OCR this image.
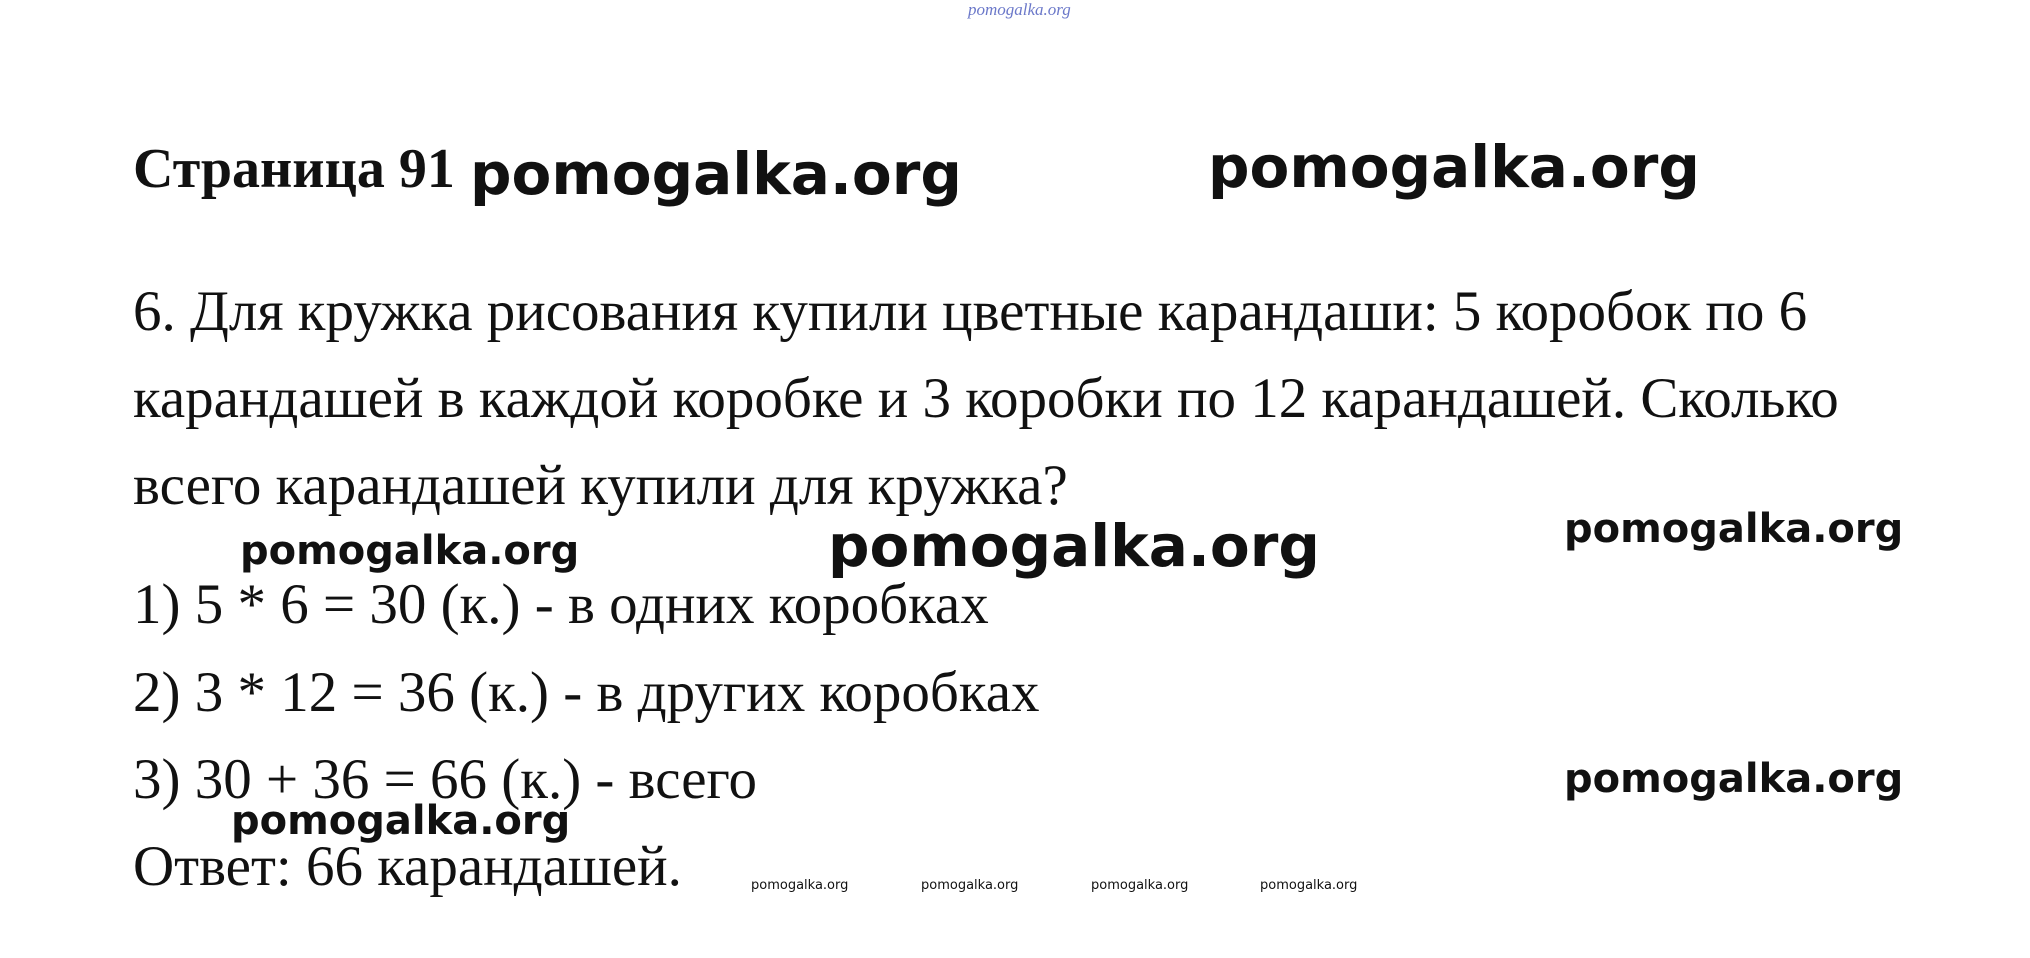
pomogalka.org
Страница 91 pomogalka.org	pomogalka.org
6. Для кружка рисования купили цветные карандаши: 5 коробок по 6
карандашей в каждой коробке и 3 коробки по 12 карандашей. Сколько
всего карандашей купили для кружка?
pomogalka.org	pomogalka.org	pomogalka.org
1) 5 * 6 = 30 (к.) - в одних коробках
2) 3 * 12 = 36 (к.) - в других коробках
3) 30 + 36 = 66 (к.) - всего	pomogalka.org
pomogalka.org
Ответ: 66 карандашей.	pomogalka.org	pomogalka.org	pomogalka.org	pomogalka.org
